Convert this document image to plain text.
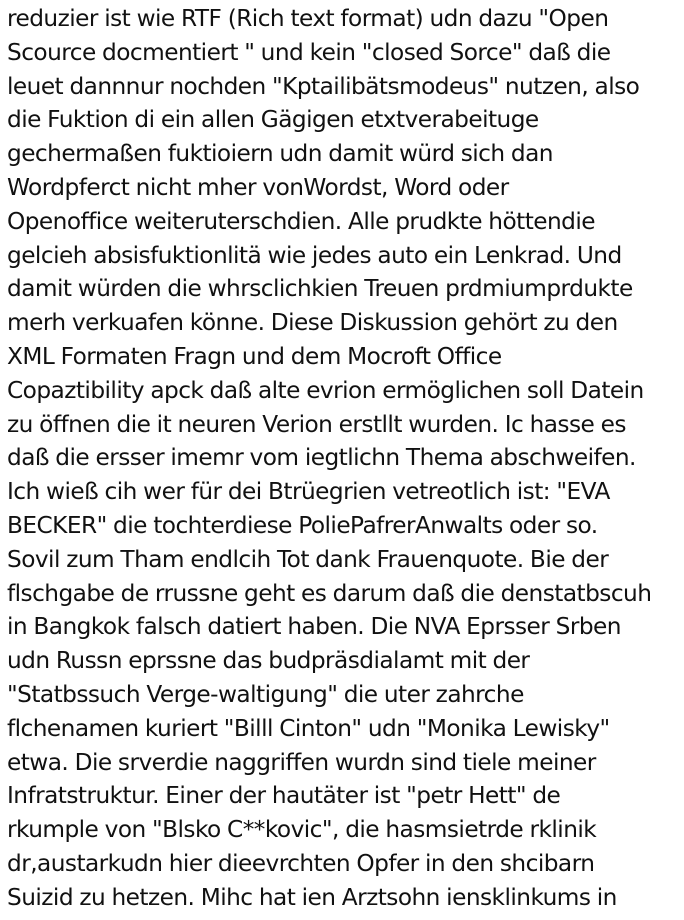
reduzier ist wie RTF (Rich text format) udn dazu "Open
Scource docmentiert " und kein "closed Sorce" daß die
leuet dannnur nochden "Kptailibätsmodeus" nutzen, also
die Fuktion di ein allen Gägigen etxtverabeituge
gechermaßen fuktioiern udn damit würd sich dan
Wordpferct nicht mher vonWordst, Word oder
Openoffice weiteruterschdien. Alle prudkte höttendie
gelcieh absisfuktionlitä wie jedes auto ein Lenkrad. Und
damit würden die whrsclichkien Treuen prdmiumprdukte
merh verkuafen könne. Diese Diskussion gehört zu den
XML Formaten Fragn und dem Mocroft Office
Copaztibility apck daß alte evrion ermöglichen soll Datein
zu öffnen die it neuren Verion erstllt wurden. Ic hasse es
daß die ersser imemr vom iegtlichn Thema abschweifen.
Ich wieß cih wer für dei Btrüegrien vetreotlich ist: "EVA
BECKER" die tochterdiese PoliePafrerAnwalts oder so.
Sovil zum Tham endlcih Tot dank Frauenquote. Bie der
flschgabe de rrussne geht es darum daß die denstatbscuh
in Bangkok falsch datiert haben. Die NVA Eprsser Srben
udn Russn eprssne das budpräsdialamt mit der
"Statbssuch Verge-waltigung" die uter zahrche
flchenamen kuriert "Billl Cinton" udn "Monika Lewisky"
etwa. Die srverdie naggriffen wurdn sind tiele meiner
Infratstruktur. Einer der hautäter ist "petr Hett" de
rkumple von "Blsko C**kovic", die hasmsietrde rklinik
dr,austarkudn hier dieevrchten Opfer in den shcibarn
Suizid zu hetzen. Mihc hat ien Arztsohn iensklinkums in
